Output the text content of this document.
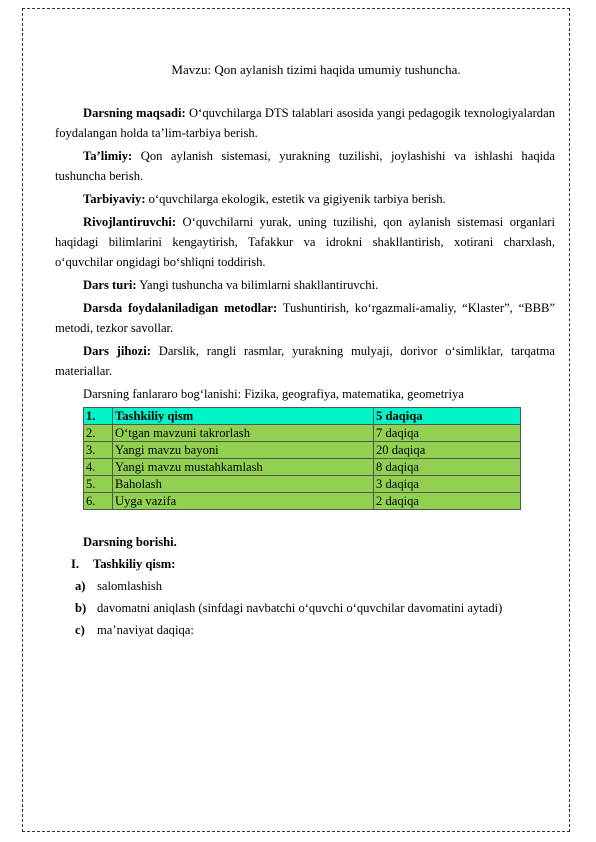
Mavzu: Qon aylanish tizimi haqida umumiy tushuncha.

Darsning maqsadi: O‘quvchilarga DTS talablari asosida yangi pedagogik texnologiyalardan foydalangan holda ta’lim-tarbiya berish.

Ta’limiy: Qon aylanish sistemasi, yurakning tuzilishi, joylashishi va ishlashi haqida tushuncha berish.

Tarbiyaviy: o‘quvchilarga ekologik, estetik va gigiyenik tarbiya berish.

Rivojlantiruvchi: O‘quvchilarni yurak, uning tuzilishi, qon aylanish sistemasi organlari haqidagi bilimlarini kengaytirish, Tafakkur va idrokni shakllantirish, xotirani charxlash, o‘quvchilar ongidagi bo‘shliqni toddirish.

Dars turi: Yangi tushuncha va bilimlarni shakllantiruvchi.

Darsda foydalaniladigan metodlar: Tushuntirish, ko‘rgazmali-amaliy, “Klaster”, “BBB” metodi, tezkor savollar.

Dars jihozi: Darslik, rangli rasmlar, yurakning mulyaji, dorivor o‘simliklar, tarqatma materiallar.

Darsning fanlararo bog‘lanishi: Fizika, geografiya, matematika, geometriya

1.	Tashkiliy qism	5 daqiqa
2.	O‘tgan mavzuni takrorlash	7 daqiqa
3.	Yangi mavzu bayoni	20 daqiqa
4.	Yangi mavzu mustahkamlash	8 daqiqa
5.	Baholash	3 daqiqa
6.	Uyga vazifa	2 daqiqa
Darsning borishi.
I. Tashkiliy qism:
a) salomlashish
b) davomatni aniqlash (sinfdagi navbatchi o‘quvchi o‘quvchilar davomatini aytadi)
c) ma’naviyat daqiqa:
